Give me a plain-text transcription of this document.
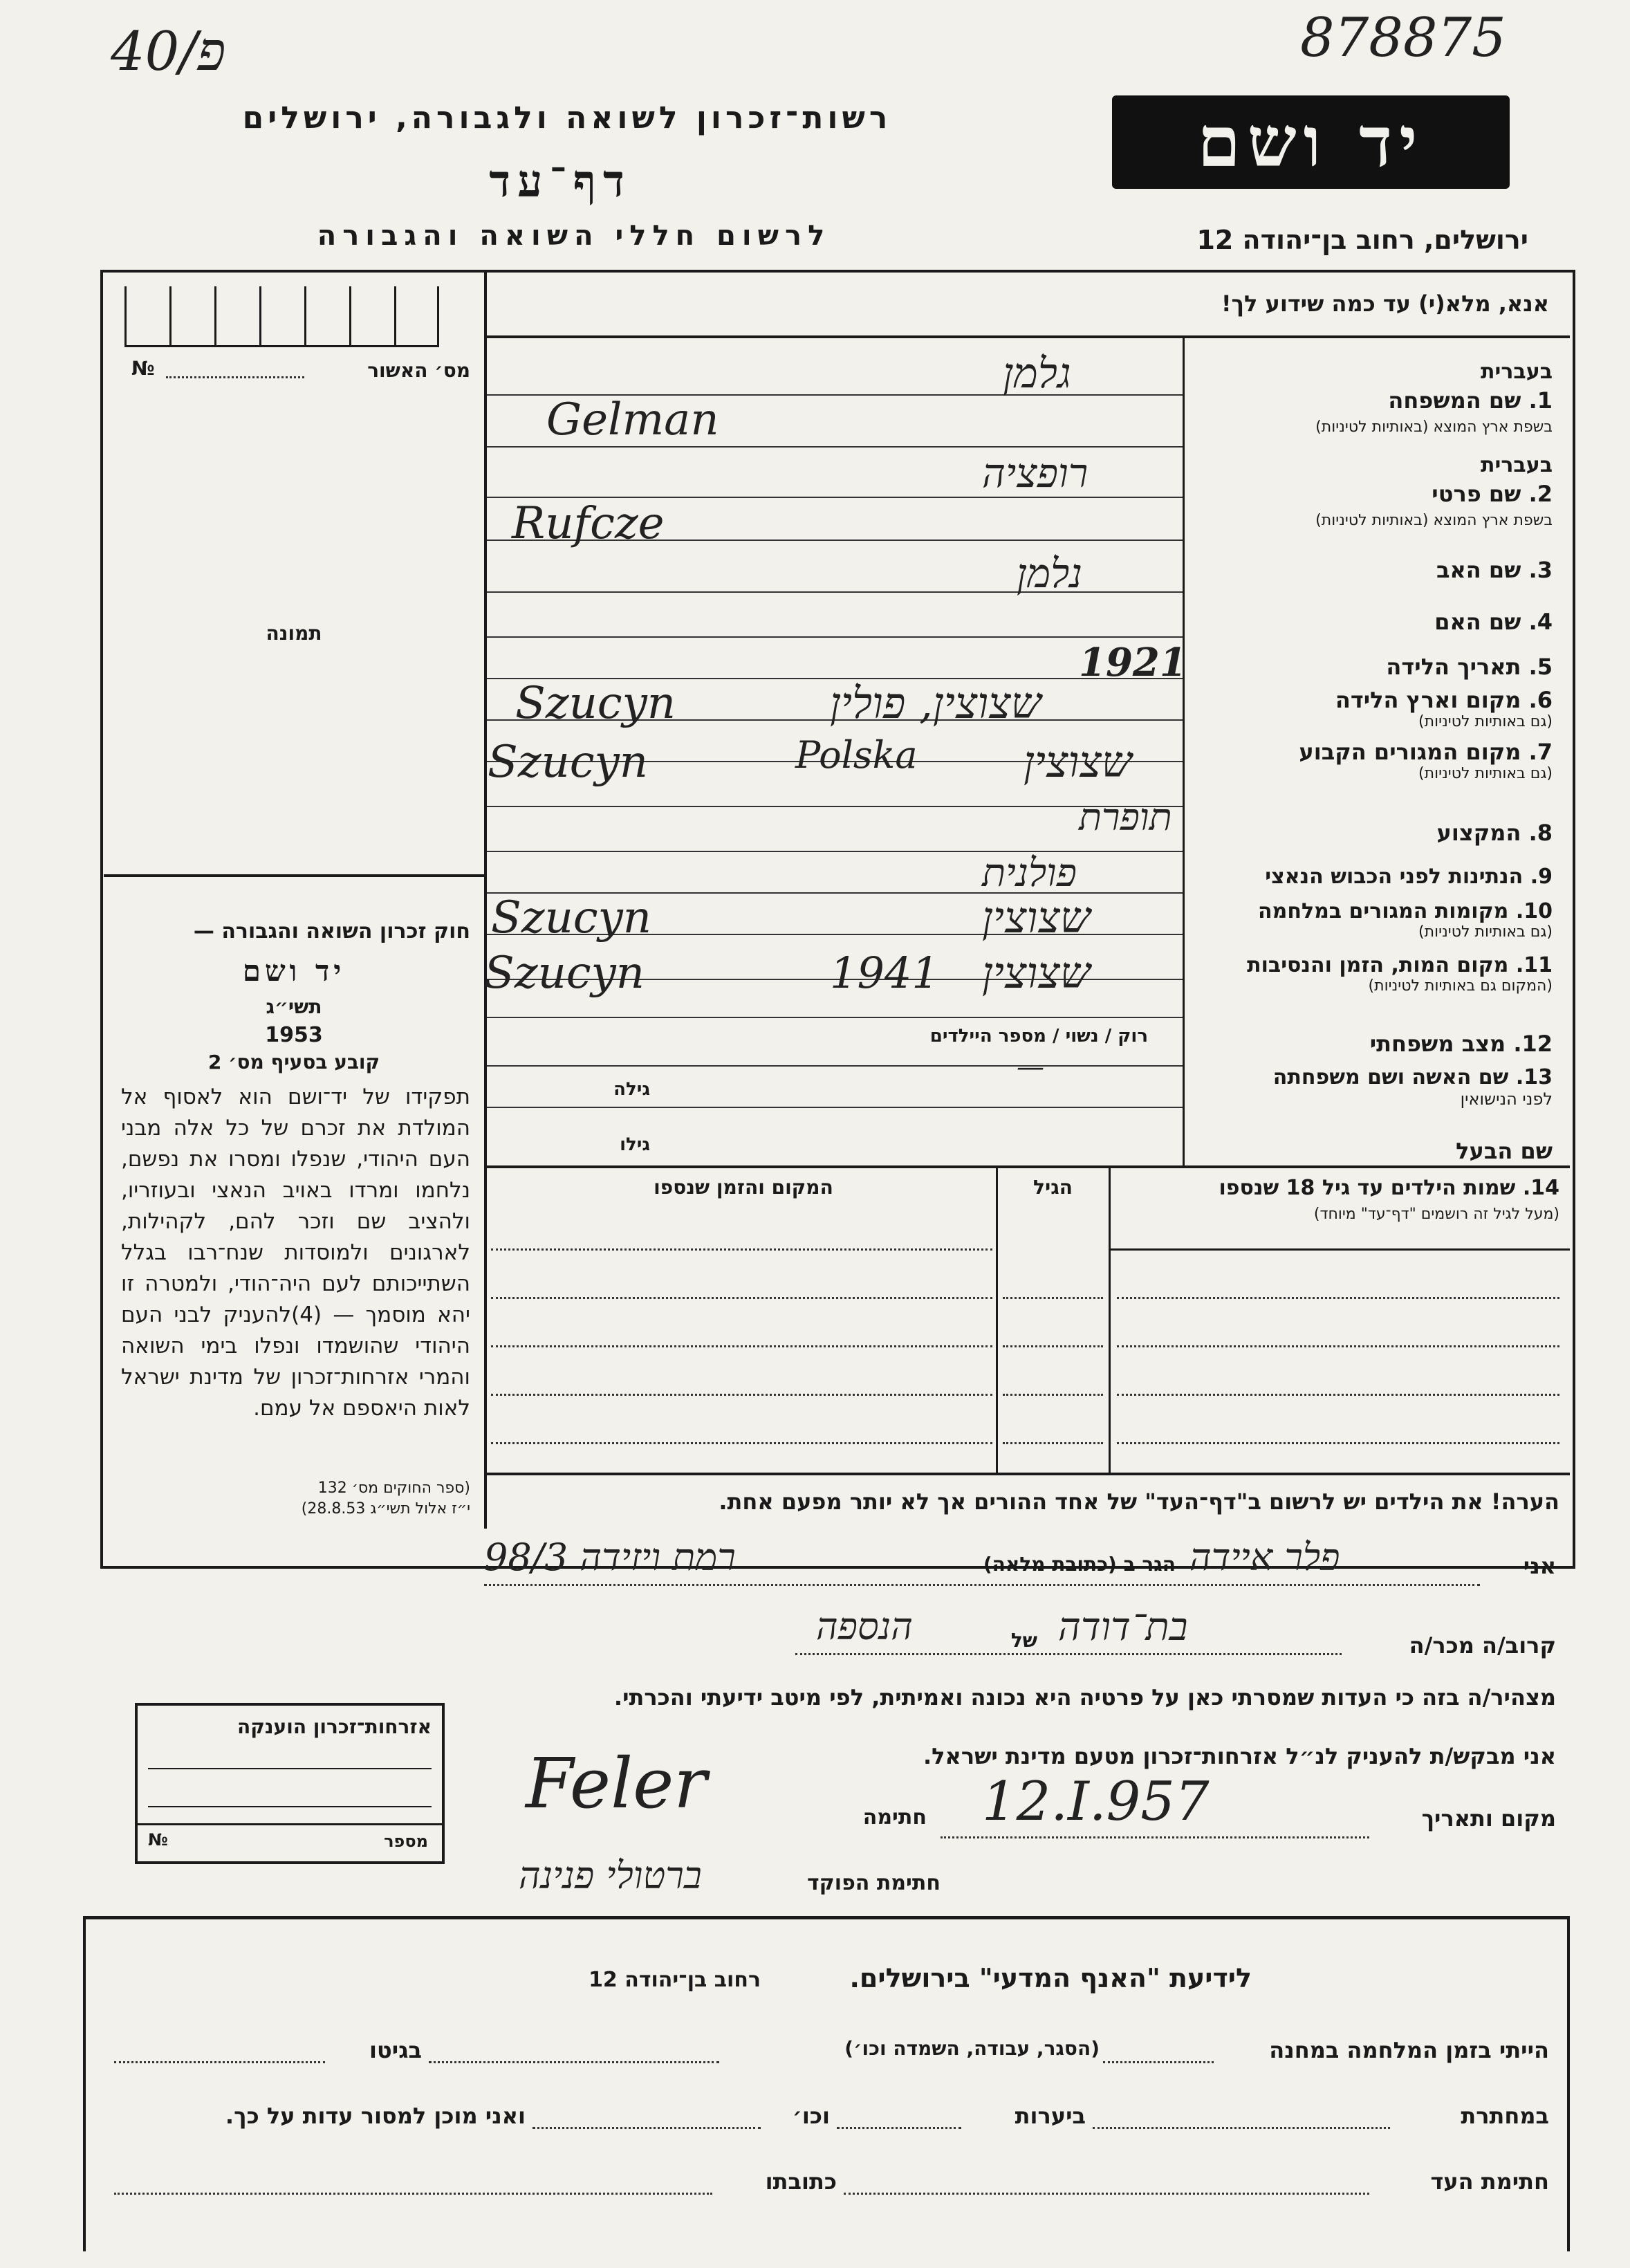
40/פ	878875
רשות־זכרון לשואה ולגבורה, ירושלים
דף־עד
לרשום חללי השואה והגבורה
יד ושם
ירושלים, רחוב בן־יהודה 12
מס׳ האשור
№
תמונה
חוק זכרון השואה והגבורה —
יד ושם
תשי״ג
1953
קובע בסעיף מס׳ 2
תפקידו של יד־ושם הוא לאסוף אל המולדת את זכרם של כל אלה מבני העם היהודי, שנפלו ומסרו את נפשם, נלחמו ומרדו באויב הנאצי ובעוזריו, ולהציב שם וזכר להם, לקהילות, לארגונים ולמוסדות שנח־רבו בגלל השתייכותם לעם היה־הודי, ולמטרה זו יהא מוסמך — (4)להעניק לבני העם היהודי שהושמדו ונפלו בימי השואה והמרי אזרחות־זכרון של מדינת ישראל לאות היאספם אל עמם.
(ספר החוקים מס׳ 132
י״ז אלול תשי״ג 28.8.53)
אנא, מלא(י) עד כמה שידוע לך!
בעברית
1. שם המשפחה
בשפת ארץ המוצא (באותיות לטיניות)
גלמן
Gelman
בעברית
2. שם פרטי
בשפת ארץ המוצא (באותיות לטיניות)
רופציה
Rufcze
3. שם האב
נלמן
4. שם האם
5. תאריך הלידה
1921
6. מקום וארץ הלידה
(גם באותיות לטיניות)
Szucyn	שצוצין, פולין
7. מקום המגורים הקבוע
(גם באותיות לטיניות)
Szucyn	Polska שצוצין
8. המקצוע
תופרת
9. הנתינות לפני הכבוש הנאצי
פולנית
10. מקומות המגורים במלחמה
(גם באותיות לטיניות)
Szucyn	שצוצין
11. מקום המות, הזמן והנסיבות
(המקום גם באותיות לטיניות)
Szucyn	1941 שצוצין
12. מצב משפחתי
רוק / נשוי / מספר היילדים
13. שם האשה ושם משפחתה
לפני הנישואין
גילה
—
שם הבעל
גילו
14. שמות הילדים עד גיל 18 שנספו
(מעל לגיל זה רושמים "דף־עד" מיוחד)
הגיל
המקום והזמן שנספו
הערה! את הילדים יש לרשום ב"דף־העד" של אחד ההורים אך לא יותר מפעם אחת.
אני
פלר איידה
הגר ב (כתובת מלאה)
רמת ויזידה 98/3
קרוב/ה מכר/ה
בת־דודה
של
הנספה
מצהיר/ה בזה כי העדות שמסרתי כאן על פרטיה היא נכונה ואמיתית, לפי מיטב ידיעתי והכרתי.
אני מבקש/ת להעניק לנ״ל אזרחות־זכרון מטעם מדינת ישראל.
מקום ותאריך
12.I.957
חתימה
Feler
חתימת הפוקד
ברטולי פנינה
אזרחות־זכרון הוענקה
מספר
№
לידיעת "האנף המדעי" בירושלים.
רחוב בן־יהודה 12
הייתי בזמן המלחמה במחנה
(הסגר, עבודה, השמדה וכו׳)
בגיטו
במחתרת
ביערות
וכו׳
ואני מוכן למסור עדות על כך.
חתימת העד
כתובתו
